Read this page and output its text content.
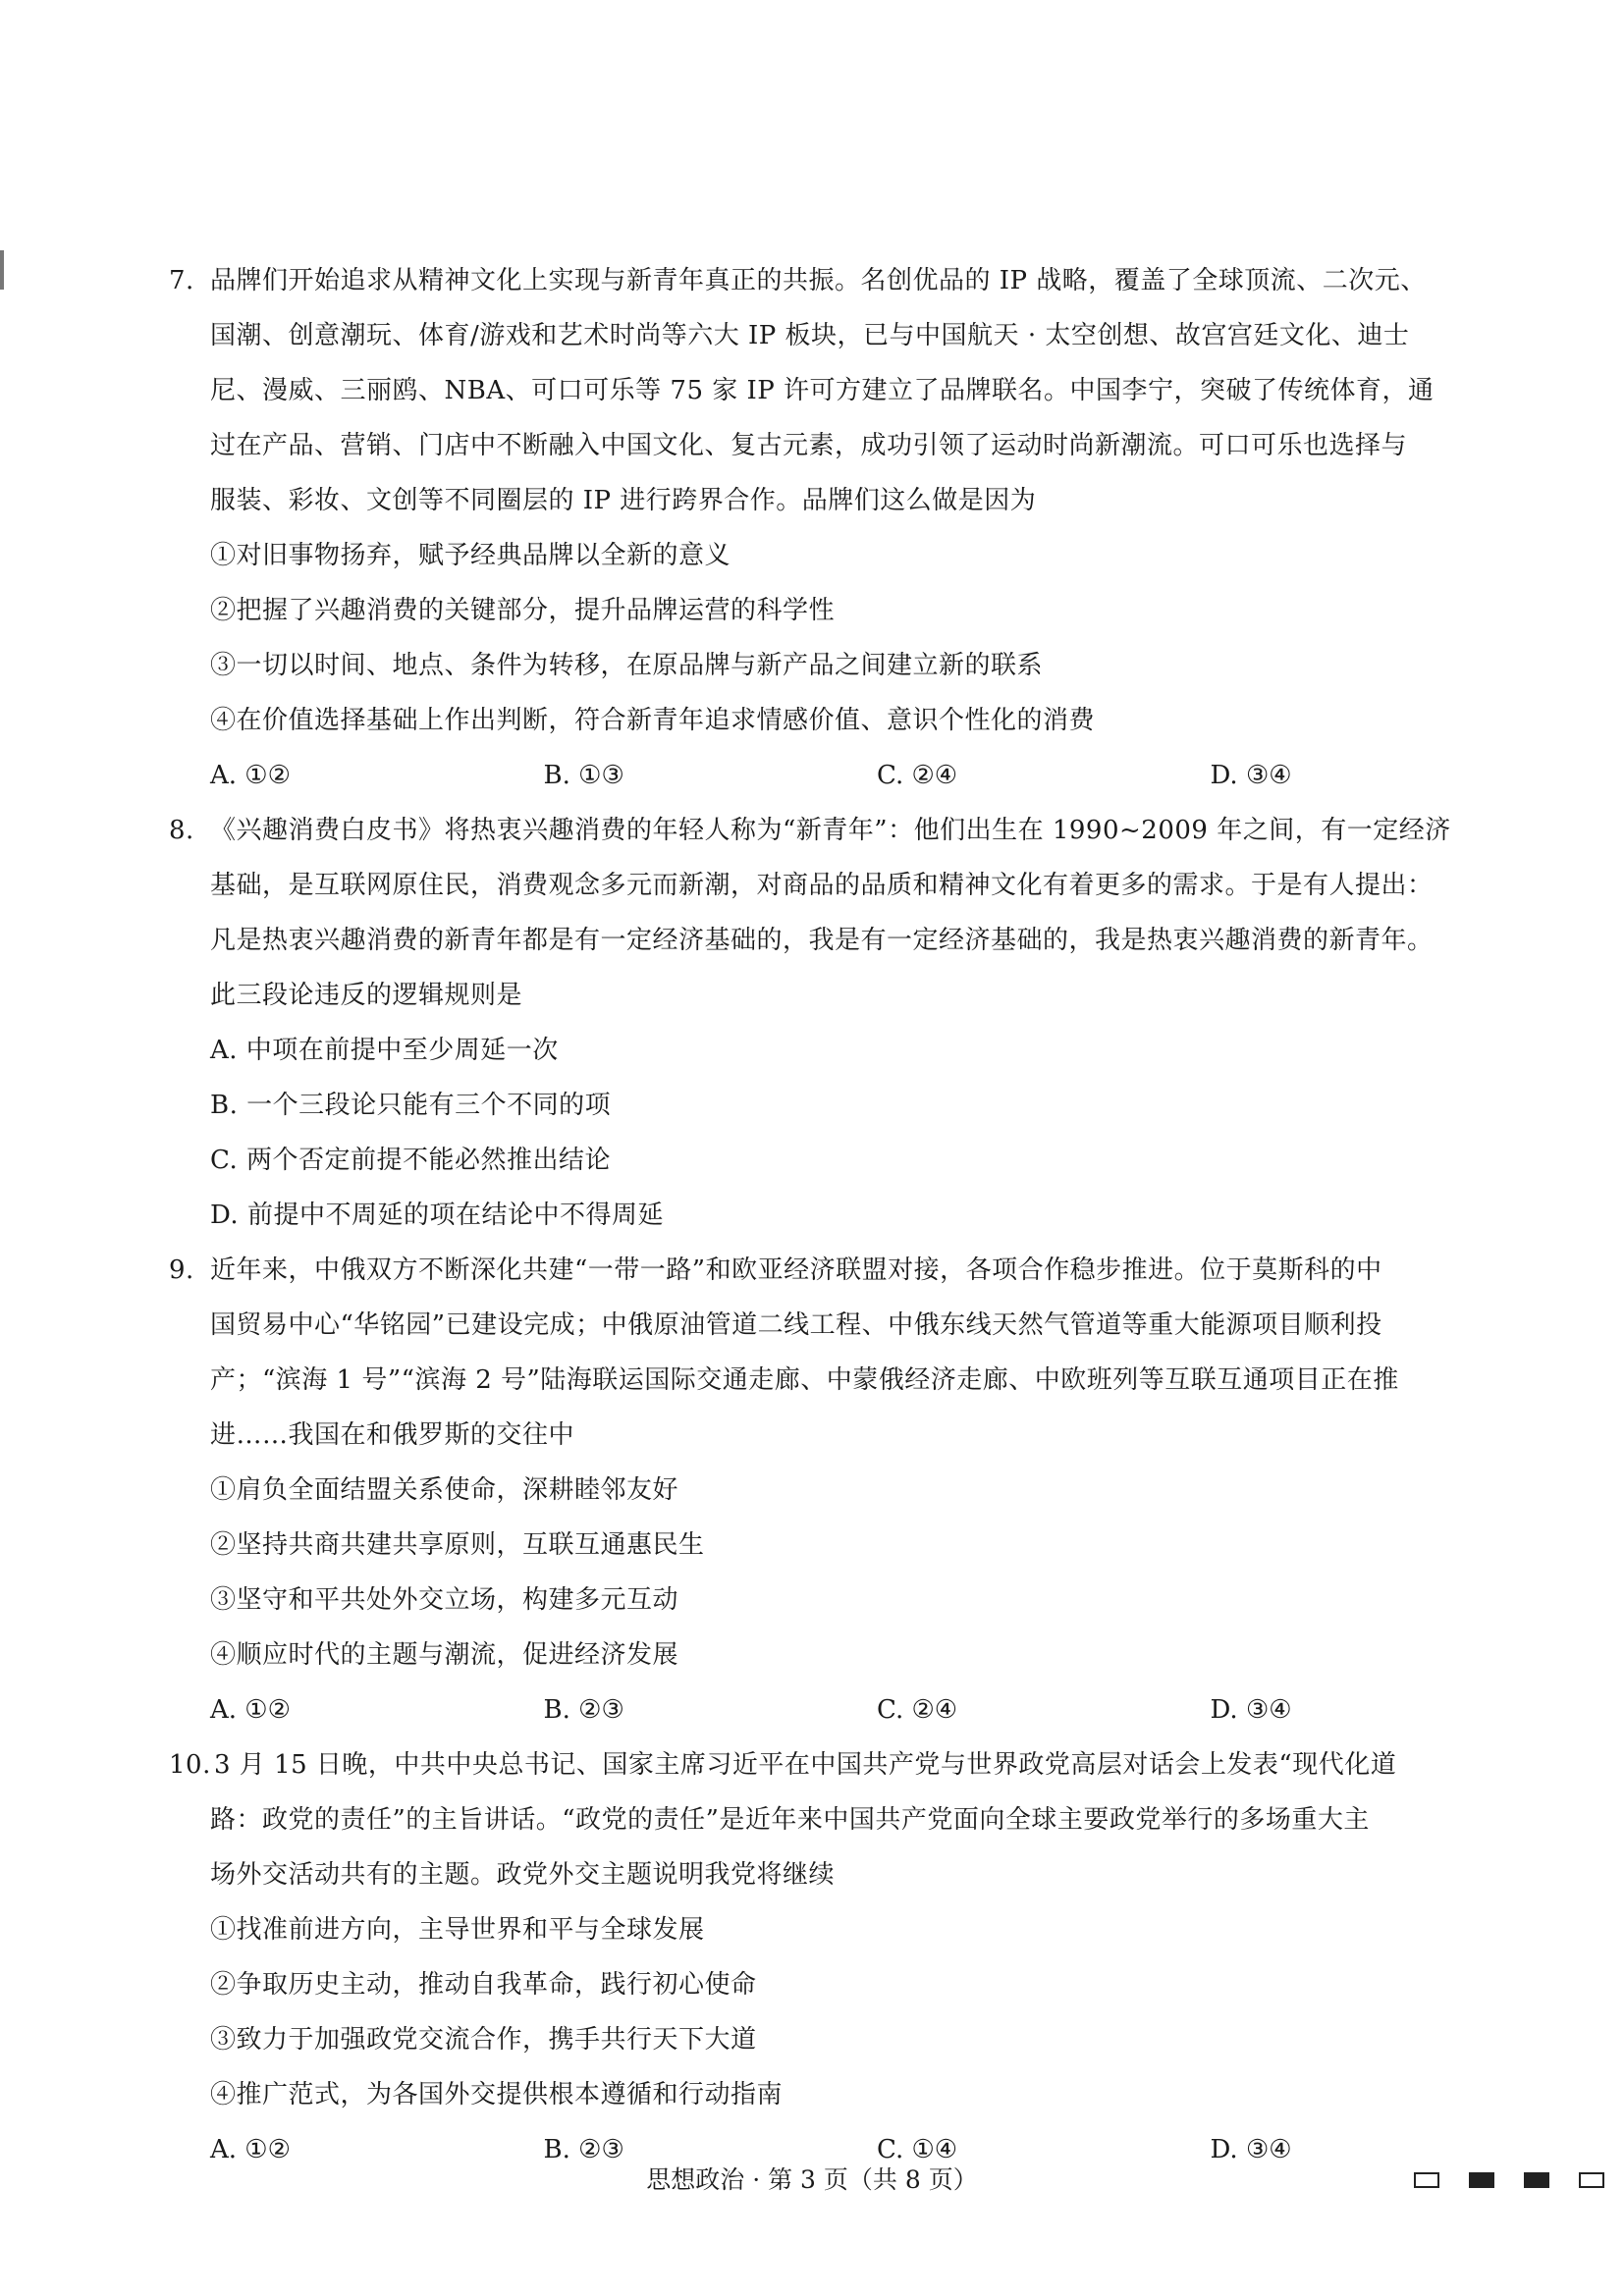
7. 品牌们开始追求从精神文化上实现与新青年真正的共振。名创优品的 IP 战略，覆盖了全球顶流、二次元、
国潮、创意潮玩、体育/游戏和艺术时尚等六大 IP 板块，已与中国航天 · 太空创想、故宫宫廷文化、迪士
尼、漫威、三丽鸥、NBA、可口可乐等 75 家 IP 许可方建立了品牌联名。中国李宁，突破了传统体育，通
过在产品、营销、门店中不断融入中国文化、复古元素，成功引领了运动时尚新潮流。可口可乐也选择与
服装、彩妆、文创等不同圈层的 IP 进行跨界合作。品牌们这么做是因为
①对旧事物扬弃，赋予经典品牌以全新的意义
②把握了兴趣消费的关键部分，提升品牌运营的科学性
③一切以时间、地点、条件为转移，在原品牌与新产品之间建立新的联系
④在价值选择基础上作出判断，符合新青年追求情感价值、意识个性化的消费
A. ①②	B. ①③	C. ②④	D. ③④
8. 《兴趣消费白皮书》将热衷兴趣消费的年轻人称为“新青年”：他们出生在 1990~2009 年之间，有一定经济
基础，是互联网原住民，消费观念多元而新潮，对商品的品质和精神文化有着更多的需求。于是有人提出：
凡是热衷兴趣消费的新青年都是有一定经济基础的，我是有一定经济基础的，我是热衷兴趣消费的新青年。
此三段论违反的逻辑规则是
A. 中项在前提中至少周延一次
B. 一个三段论只能有三个不同的项
C. 两个否定前提不能必然推出结论
D. 前提中不周延的项在结论中不得周延
9. 近年来，中俄双方不断深化共建“一带一路”和欧亚经济联盟对接，各项合作稳步推进。位于莫斯科的中
国贸易中心“华铭园”已建设完成；中俄原油管道二线工程、中俄东线天然气管道等重大能源项目顺利投
产；“滨海 1 号”“滨海 2 号”陆海联运国际交通走廊、中蒙俄经济走廊、中欧班列等互联互通项目正在推
进……我国在和俄罗斯的交往中
①肩负全面结盟关系使命，深耕睦邻友好
②坚持共商共建共享原则，互联互通惠民生
③坚守和平共处外交立场，构建多元互动
④顺应时代的主题与潮流，促进经济发展
A. ①②	B. ②③	C. ②④	D. ③④
10. 3 月 15 日晚，中共中央总书记、国家主席习近平在中国共产党与世界政党高层对话会上发表“现代化道
路：政党的责任”的主旨讲话。“政党的责任”是近年来中国共产党面向全球主要政党举行的多场重大主
场外交活动共有的主题。政党外交主题说明我党将继续
①找准前进方向，主导世界和平与全球发展
②争取历史主动，推动自我革命，践行初心使命
③致力于加强政党交流合作，携手共行天下大道
④推广范式，为各国外交提供根本遵循和行动指南
A. ①②	B. ②③	C. ①④	D. ③④
思想政治 · 第 3 页（共 8 页）
